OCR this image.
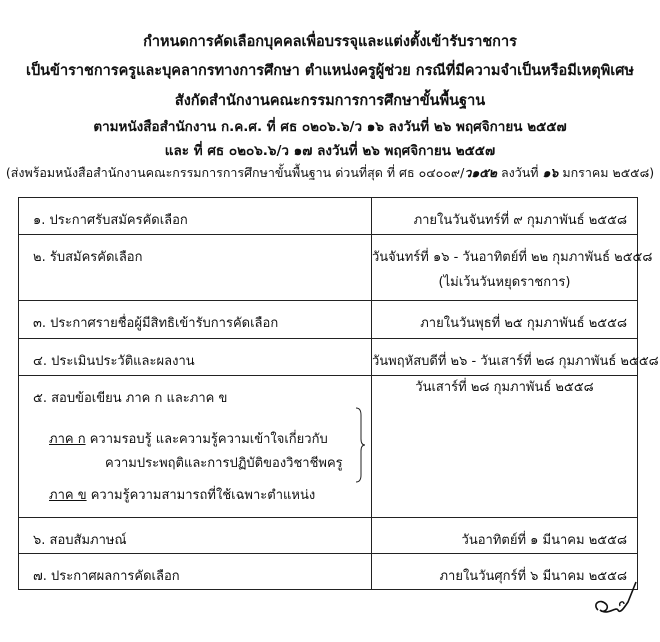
กำหนดการคัดเลือกบุคคลเพื่อบรรจุและแต่งตั้งเข้ารับราชการ
เป็นข้าราชการครูและบุคลากรทางการศึกษา ตำแหน่งครูผู้ช่วย กรณีที่มีความจำเป็นหรือมีเหตุพิเศษ
สังกัดสำนักงานคณะกรรมการการศึกษาขั้นพื้นฐาน
ตามหนังสือสำนักงาน ก.ค.ศ. ที่ ศธ ๐๒๐๖.๖/ว ๑๖ ลงวันที่ ๒๖ พฤศจิกายน ๒๕๕๗
และ ที่ ศธ ๐๒๐๖.๖/ว ๑๗ ลงวันที่ ๒๖ พฤศจิกายน ๒๕๕๗
(ส่งพร้อมหนังสือสำนักงานคณะกรรมการการศึกษาขั้นพื้นฐาน ด่วนที่สุด ที่ ศธ ๐๔๐๐๙/ว๑๕๒ ลงวันที่ ๑๖ มกราคม ๒๕๕๘)
๑. ประกาศรับสมัครคัดเลือก	ภายในวันจันทร์ที่ ๙ กุมภาพันธ์ ๒๕๕๘

๒. รับสมัครคัดเลือก	วันจันทร์ที่ ๑๖ - วันอาทิตย์ที่ ๒๒ กุมภาพันธ์ ๒๕๕๘
(ไม่เว้นวันหยุดราชการ)

๓. ประกาศรายชื่อผู้มีสิทธิเข้ารับการคัดเลือก	ภายในวันพุธที่ ๒๕ กุมภาพันธ์ ๒๕๕๘

๔. ประเมินประวัติและผลงาน	วันพฤหัสบดีที่ ๒๖ - วันเสาร์ที่ ๒๘ กุมภาพันธ์ ๒๕๕๘

๕. สอบข้อเขียน ภาค ก และภาค ข
ภาค ก ความรอบรู้ และความรู้ความเข้าใจเกี่ยวกับ
ความประพฤติและการปฏิบัติของวิชาชีพครู
ภาค ข ความรู้ความสามารถที่ใช้เฉพาะตำแหน่ง	วันเสาร์ที่ ๒๘ กุมภาพันธ์ ๒๕๕๘

๖. สอบสัมภาษณ์	วันอาทิตย์ที่ ๑ มีนาคม ๒๕๕๘

๗. ประกาศผลการคัดเลือก	ภายในวันศุกร์ที่ ๖ มีนาคม ๒๕๕๘
